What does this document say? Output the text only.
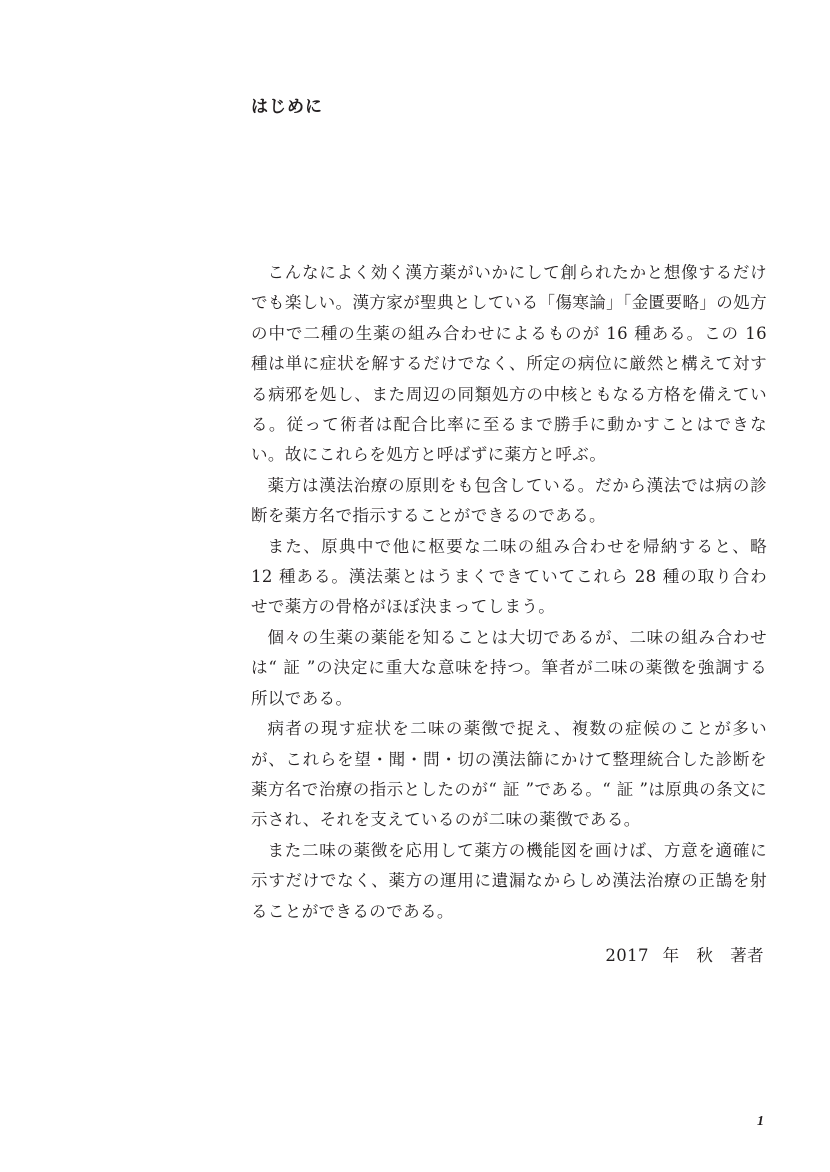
はじめに

こんなによく効く漢方薬がいかにして創られたかと想像するだけでも楽しい。漢方家が聖典としている「傷寒論」「金匱要略」の処方の中で二種の生薬の組み合わせによるものが 16 種ある。この 16 種は単に症状を解するだけでなく、所定の病位に厳然と構えて対する病邪を処し、また周辺の同類処方の中核ともなる方格を備えている。従って術者は配合比率に至るまで勝手に動かすことはできない。故にこれらを処方と呼ばずに薬方と呼ぶ。

薬方は漢法治療の原則をも包含している。だから漢法では病の診断を薬方名で指示することができるのである。

また、原典中で他に枢要な二味の組み合わせを帰納すると、略 12 種ある。漢法薬とはうまくできていてこれら 28 種の取り合わせで薬方の骨格がほぼ決まってしまう。

個々の生薬の薬能を知ることは大切であるが、二味の組み合わせは“ 証 ”の決定に重大な意味を持つ。筆者が二味の薬徴を強調する所以である。

病者の現す症状を二味の薬徴で捉え、複数の症候のことが多いが、これらを望・聞・問・切の漢法篩にかけて整理統合した診断を薬方名で治療の指示としたのが“ 証 ”である。“ 証 ”は原典の条文に示され、それを支えているのが二味の薬徴である。

また二味の薬徴を応用して薬方の機能図を画けば、方意を適確に示すだけでなく、薬方の運用に遺漏なからしめ漢法治療の正鵠を射ることができるのである。

2017 年　秋　著者
1
